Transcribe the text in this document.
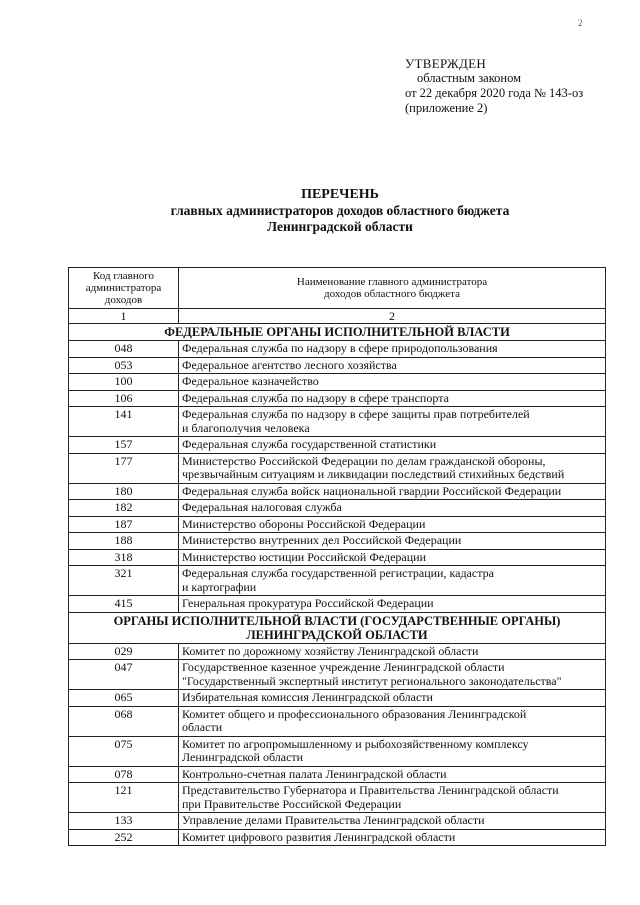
2
УТВЕРЖДЕН
областным законом
от 22 декабря 2020 года № 143-оз
(приложение 2)
ПЕРЕЧЕНЬ
главных администраторов доходов областного бюджета
Ленинградской области
Код главного администратора доходов	Наименование главного администратора
доходов областного бюджета
1	2
ФЕДЕРАЛЬНЫЕ ОРГАНЫ ИСПОЛНИТЕЛЬНОЙ ВЛАСТИ	
048	Федеральная служба по надзору в сфере природопользования

053	Федеральное агентство лесного хозяйства

100	Федеральное казначейство

106	Федеральная служба по надзору в сфере транспорта

141	Федеральная служба по надзору в сфере защиты прав потребителей
и благополучия человека

157	Федеральная служба государственной статистики

177	Министерство Российской Федерации по делам гражданской обороны,
чрезвычайным ситуациям и ликвидации последствий стихийных бедствий

180	Федеральная служба войск национальной гвардии Российской Федерации

182	Федеральная налоговая служба

187	Министерство обороны Российской Федерации

188	Министерство внутренних дел Российской Федерации

318	Министерство юстиции Российской Федерации

321	Федеральная служба государственной регистрации, кадастра
и картографии

415	Генеральная прокуратура Российской Федерации

ОРГАНЫ ИСПОЛНИТЕЛЬНОЙ ВЛАСТИ (ГОСУДАРСТВЕННЫЕ ОРГАНЫ)
ЛЕНИНГРАДСКОЙ ОБЛАСТИ	

029	Комитет по дорожному хозяйству Ленинградской области

047	Государственное казенное учреждение Ленинградской области
"Государственный экспертный институт регионального законодательства"

065	Избирательная комиссия Ленинградской области

068	Комитет общего и профессионального образования Ленинградской
области

075	Комитет по агропромышленному и рыбохозяйственному комплексу
Ленинградской области

078	Контрольно-счетная палата Ленинградской области

121	Представительство Губернатора и Правительства Ленинградской области
при Правительстве Российской Федерации

133	Управление делами Правительства Ленинградской области

252	Комитет цифрового развития Ленинградской области
